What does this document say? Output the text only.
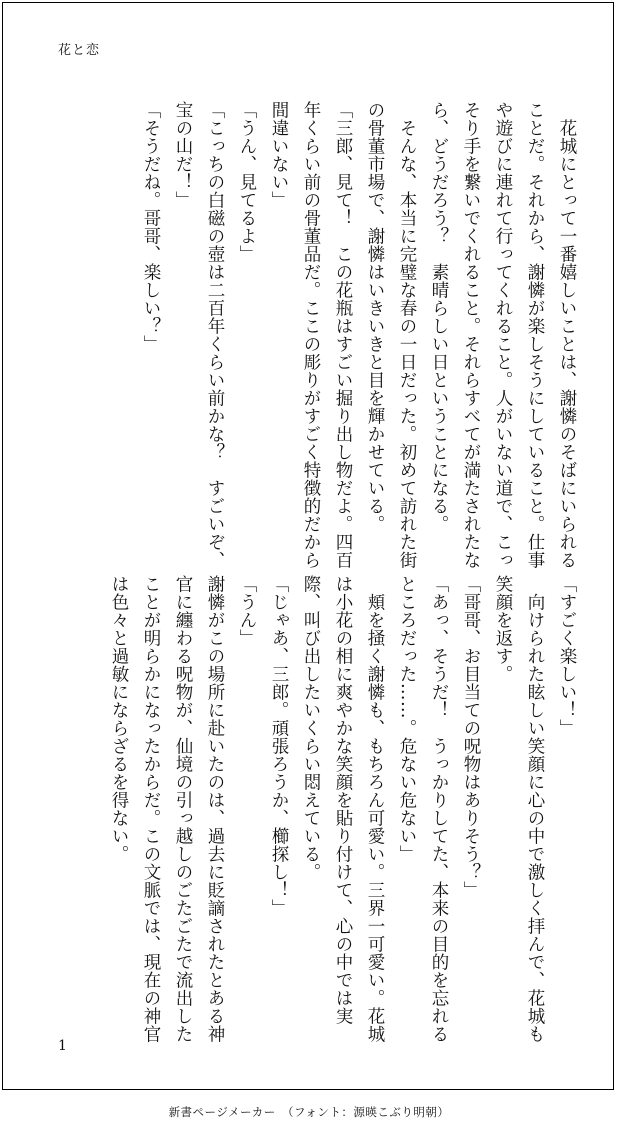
花と恋

花城にとって一番嬉しいことは、謝憐のそばにいられることだ。それから、謝憐が楽しそうにしていること。仕事や遊びに連れて行ってくれること。人がいない道で、こっそり手を繋いでくれること。それらすべてが満たされたなら、どうだろう？　素晴らしい日ということになる。

そんな、本当に完璧な春の一日だった。初めて訪れた街の骨董市場で、謝憐はいきいきと目を輝かせている。

「三郎、見て！　この花瓶はすごい掘り出し物だよ。四百年くらい前の骨董品だ。ここの彫りがすごく特徴的だから間違いない」

「うん、見てるよ」

「こっちの白磁の壺は二百年くらい前かな？　すごいぞ、宝の山だ！」

「そうだね。哥哥、楽しい？」

「すごく楽しい！」

向けられた眩しい笑顔に心の中で激しく拝んで、花城も笑顔を返す。

「哥哥、お目当ての呪物はありそう？」

「あっ、そうだ！　うっかりしてた、本来の目的を忘れるところだった……。危ない危ない」

頬を掻く謝憐も、もちろん可愛い。三界一可愛い。花城は小花の相に爽やかな笑顔を貼り付けて、心の中では実際、叫び出したいくらい悶えている。

「じゃあ、三郎。頑張ろうか、櫛探し！」

「うん」

謝憐がこの場所に赴いたのは、過去に貶謫されたとある神官に纏わる呪物が、仙境の引っ越しのごたごたで流出したことが明らかになったからだ。この文脈では、現在の神官は色々と過敏にならざるを得ない。

1
新書ページメーカー　（フォント：源暎こぶり明朝）
